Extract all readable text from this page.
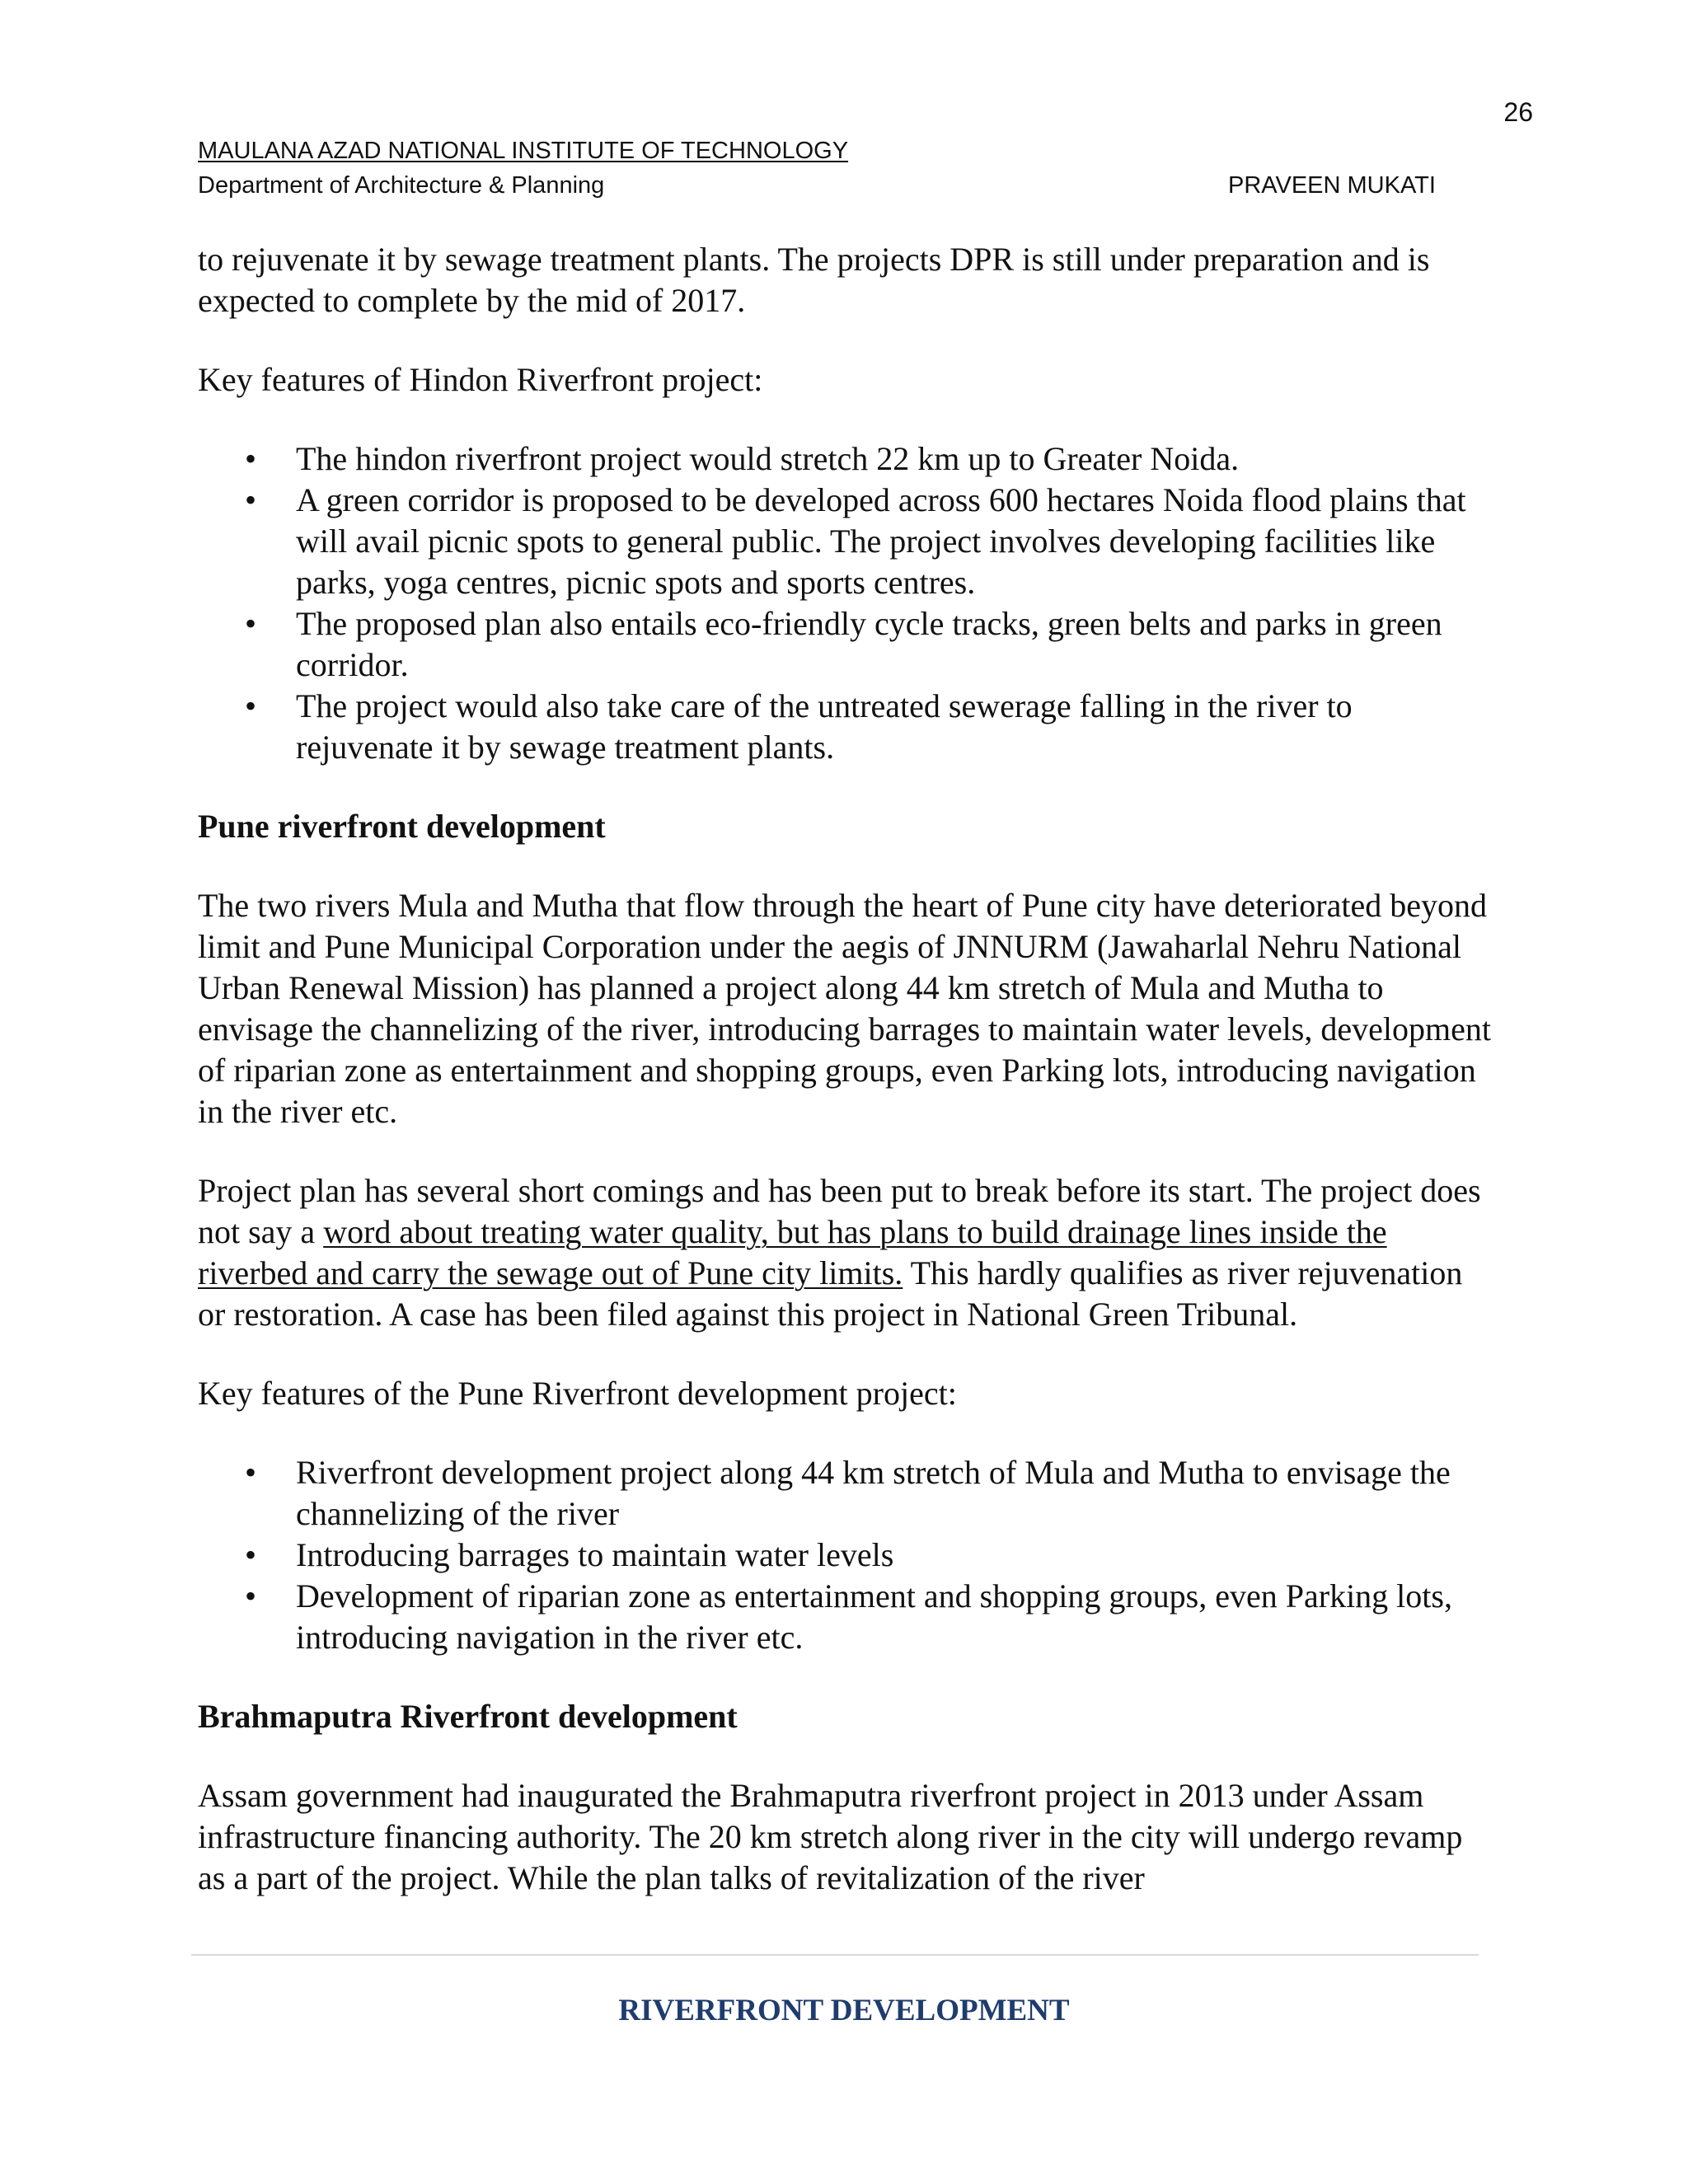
26
MAULANA AZAD NATIONAL INSTITUTE OF TECHNOLOGY
Department of Architecture & Planning	PRAVEEN MUKATI

to rejuvenate it by sewage treatment plants. The projects DPR is still under preparation and is expected to complete by the mid of 2017.

Key features of Hindon Riverfront project:

• The hindon riverfront project would stretch 22 km up to Greater Noida.
• A green corridor is proposed to be developed across 600 hectares Noida flood plains that will avail picnic spots to general public. The project involves developing facilities like parks, yoga centres, picnic spots and sports centres.
• The proposed plan also entails eco-friendly cycle tracks, green belts and parks in green corridor.
• The project would also take care of the untreated sewerage falling in the river to rejuvenate it by sewage treatment plants.
Pune riverfront development

The two rivers Mula and Mutha that flow through the heart of Pune city have deteriorated beyond limit and Pune Municipal Corporation under the aegis of JNNURM (Jawaharlal Nehru National Urban Renewal Mission) has planned a project along 44 km stretch of Mula and Mutha to envisage the channelizing of the river, introducing barrages to maintain water levels, development of riparian zone as entertainment and shopping groups, even Parking lots, introducing navigation in the river etc.

Project plan has several short comings and has been put to break before its start. The project does not say a word about treating water quality, but has plans to build drainage lines inside the riverbed and carry the sewage out of Pune city limits. This hardly qualifies as river rejuvenation or restoration. A case has been filed against this project in National Green Tribunal.

Key features of the Pune Riverfront development project:

• Riverfront development project along 44 km stretch of Mula and Mutha to envisage the channelizing of the river
• Introducing barrages to maintain water levels
• Development of riparian zone as entertainment and shopping groups, even Parking lots, introducing navigation in the river etc.
Brahmaputra Riverfront development

Assam government had inaugurated the Brahmaputra riverfront project in 2013 under Assam infrastructure financing authority. The 20 km stretch along river in the city will undergo revamp as a part of the project. While the plan talks of revitalization of the river

RIVERFRONT DEVELOPMENT
